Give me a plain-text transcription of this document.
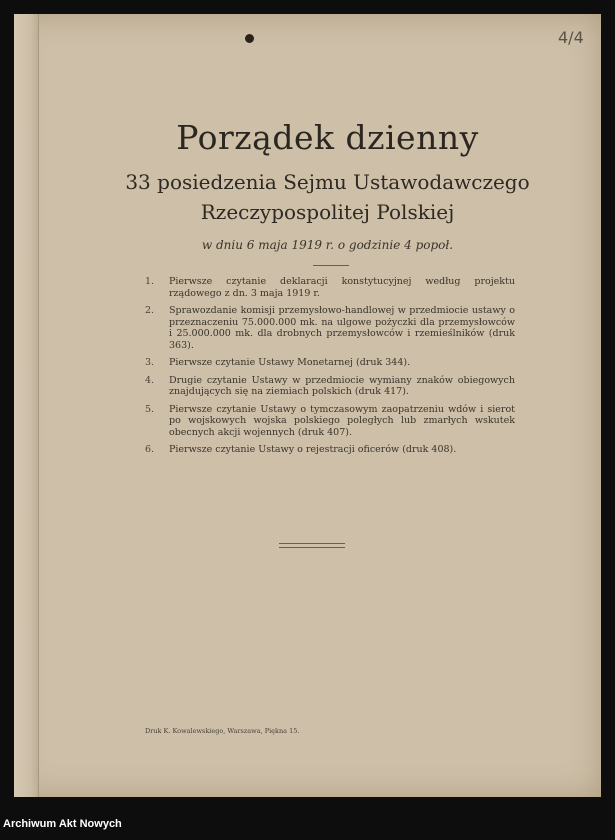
4/4
Porządek dzienny
33 posiedzenia Sejmu Ustawodawczego
Rzeczypospolitej Polskiej
w dniu 6 maja 1919 r. o godzinie 4 popoł.
1.	Pierwsze czytanie deklaracji konstytucyjnej według projektu rządowego z dn. 3 maja 1919 r.
2.	Sprawozdanie komisji przemysłowo-handlowej w przedmiocie ustawy o przeznaczeniu 75.000.000 mk. na ulgowe pożyczki dla przemysłowców i 25.000.000 mk. dla drobnych przemysłowców i rzemieślników (druk 363).
3.	Pierwsze czytanie Ustawy Monetarnej (druk 344).
4.	Drugie czytanie Ustawy w przedmiocie wymiany znaków obiegowych znajdujących się na ziemiach polskich (druk 417).
5.	Pierwsze czytanie Ustawy o tymczasowym zaopatrzeniu wdów i sierot po wojskowych wojska polskiego poległych lub zmarłych wskutek obecnych akcji wojennych (druk 407).
6.	Pierwsze czytanie Ustawy o rejestracji oficerów (druk 408).
Druk K. Kowalewskiego, Warszawa, Piękna 15.
Archiwum Akt Nowych
